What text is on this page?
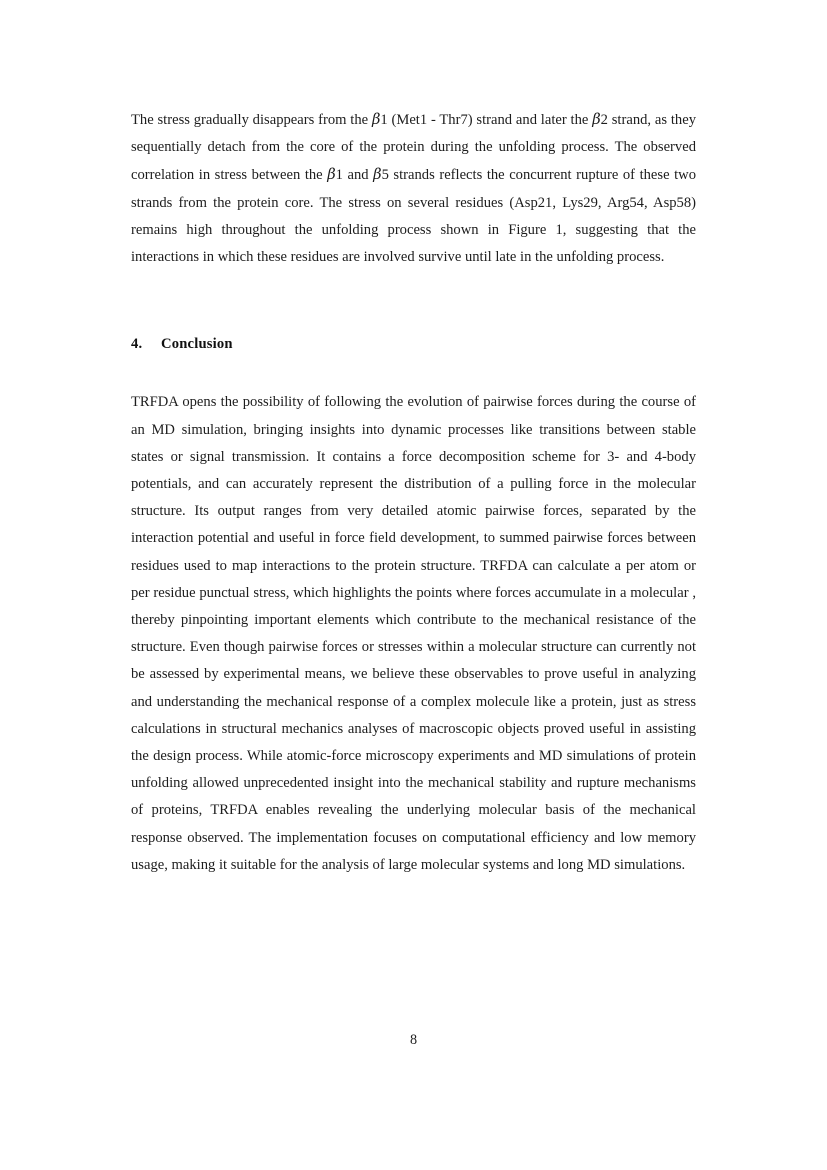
The stress gradually disappears from the β1 (Met1 - Thr7) strand and later the β2 strand, as they sequentially detach from the core of the protein during the unfolding process. The observed correlation in stress between the β1 and β5 strands reflects the concurrent rupture of these two strands from the protein core. The stress on several residues (Asp21, Lys29, Arg54, Asp58) remains high throughout the unfolding process shown in Figure 1, suggesting that the interactions in which these residues are involved survive until late in the unfolding process.

4. Conclusion

TRFDA opens the possibility of following the evolution of pairwise forces during the course of an MD simulation, bringing insights into dynamic processes like transitions between stable states or signal transmission. It contains a force decomposition scheme for 3- and 4-body potentials, and can accurately represent the distribution of a pulling force in the molecular structure. Its output ranges from very detailed atomic pairwise forces, separated by the interaction potential and useful in force field development, to summed pairwise forces between residues used to map interactions to the protein structure. TRFDA can calculate a per atom or per residue punctual stress, which highlights the points where forces accumulate in a molecular , thereby pinpointing important elements which contribute to the mechanical resistance of the structure. Even though pairwise forces or stresses within a molecular structure can currently not be assessed by experimental means, we believe these observables to prove useful in analyzing and understanding the mechanical response of a complex molecule like a protein, just as stress calculations in structural mechanics analyses of macroscopic objects proved useful in assisting the design process. While atomic-force microscopy experiments and MD simulations of protein unfolding allowed unprecedented insight into the mechanical stability and rupture mechanisms of proteins, TRFDA enables revealing the underlying molecular basis of the mechanical response observed. The implementation focuses on computational efficiency and low memory usage, making it suitable for the analysis of large molecular systems and long MD simulations.

8
